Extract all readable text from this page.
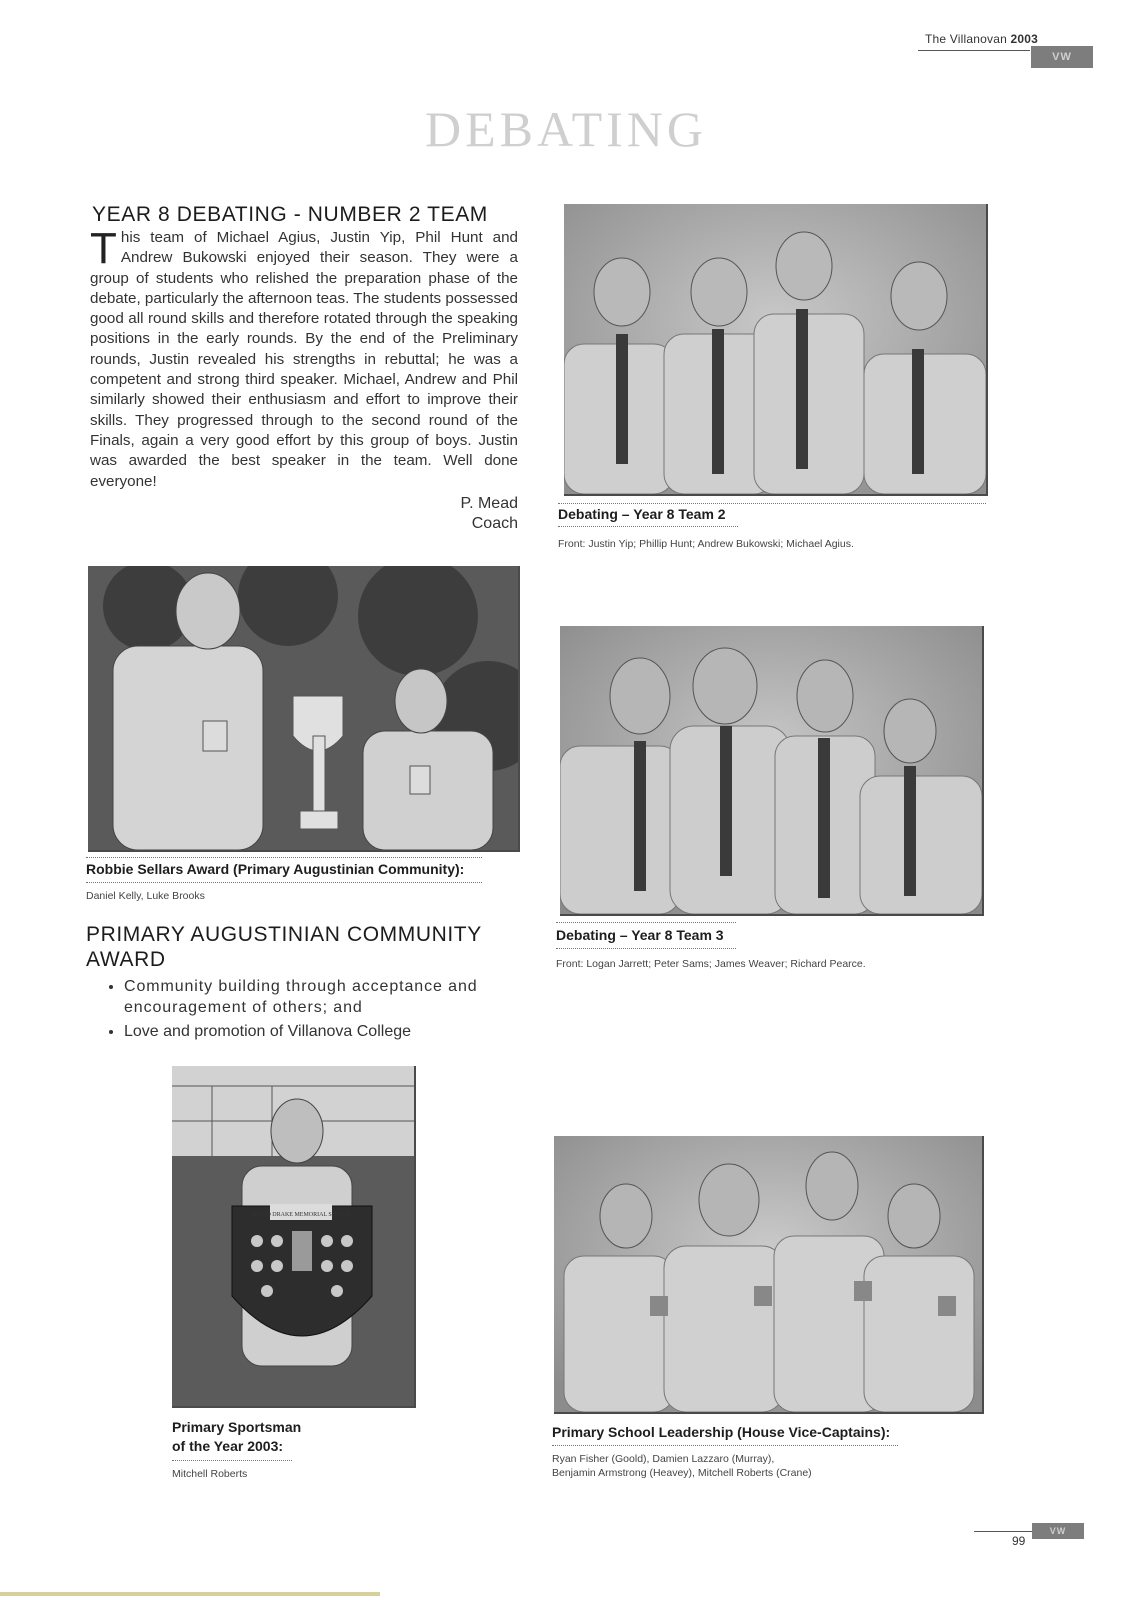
The Villanovan 2003
VW
DEBATING
YEAR 8 DEBATING - NUMBER 2 TEAM
T his team of Michael Agius, Justin Yip, Phil Hunt and Andrew Bukowski enjoyed their season. They were a group of students who relished the preparation phase of the debate, particularly the afternoon teas. The students possessed good all round skills and therefore rotated through the speaking positions in the early rounds. By the end of the Preliminary rounds, Justin revealed his strengths in rebuttal; he was a competent and strong third speaker. Michael, Andrew and Phil similarly showed their enthusiasm and effort to improve their skills. They progressed through to the second round of the Finals, again a very good effort by this group of boys. Justin was awarded the best speaker in the team. Well done everyone!
P. Mead
Coach
Debating – Year 8 Team 2
Front: Justin Yip; Phillip Hunt; Andrew Bukowski; Michael Agius.
Robbie Sellars Award (Primary Augustinian Community):
Daniel Kelly, Luke Brooks
Debating – Year 8 Team 3
Front: Logan Jarrett; Peter Sams; James Weaver; Richard Pearce.
PRIMARY AUGUSTINIAN COMMUNITY
AWARD
• Community building through acceptance and encouragement of others; and
• Love and promotion of Villanova College
DAVID DRAKE MEMORIAL SHIELD
Primary Sportsman
of the Year 2003:
Mitchell Roberts
Primary School Leadership (House Vice-Captains):
Ryan Fisher (Goold), Damien Lazzaro (Murray),
Benjamin Armstrong (Heavey), Mitchell Roberts (Crane)
VW
99
